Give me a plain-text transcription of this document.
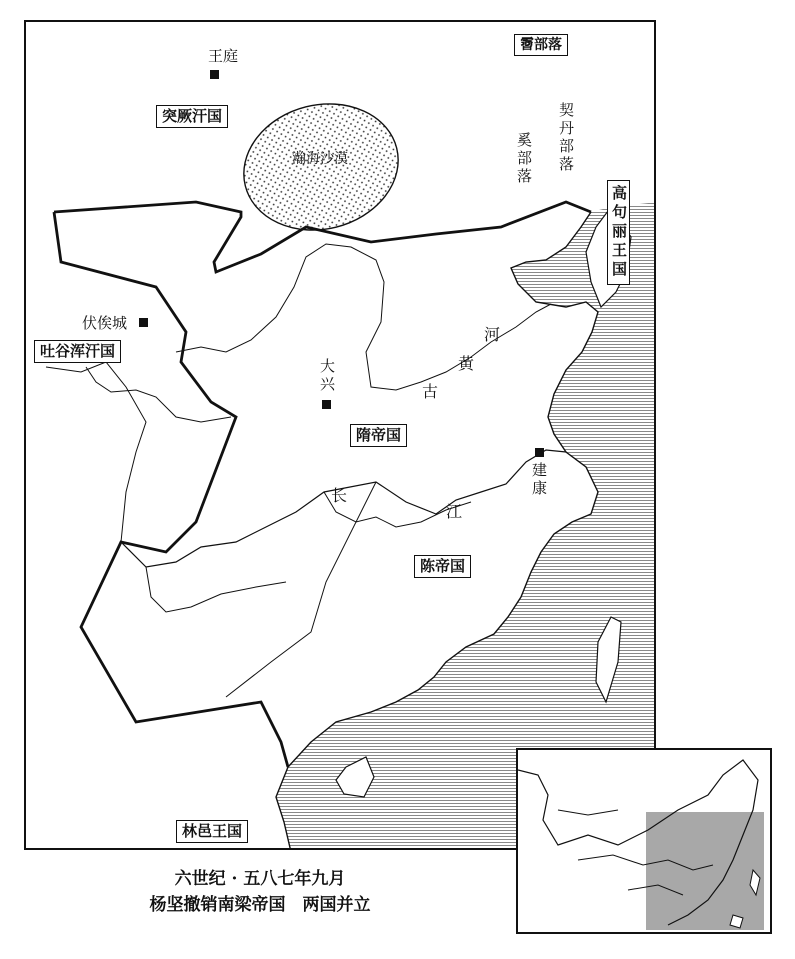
王庭
突厥汗国
瀚海沙漠
霫部落
契丹部落
奚部落
高句丽王国
伏俟城
吐谷浑汗国
大兴
隋帝国
河
黄
古
建康
长
江
陈帝国
林邑王国
六世纪 · 五八七年九月
杨坚撤销南梁帝国　两国并立
